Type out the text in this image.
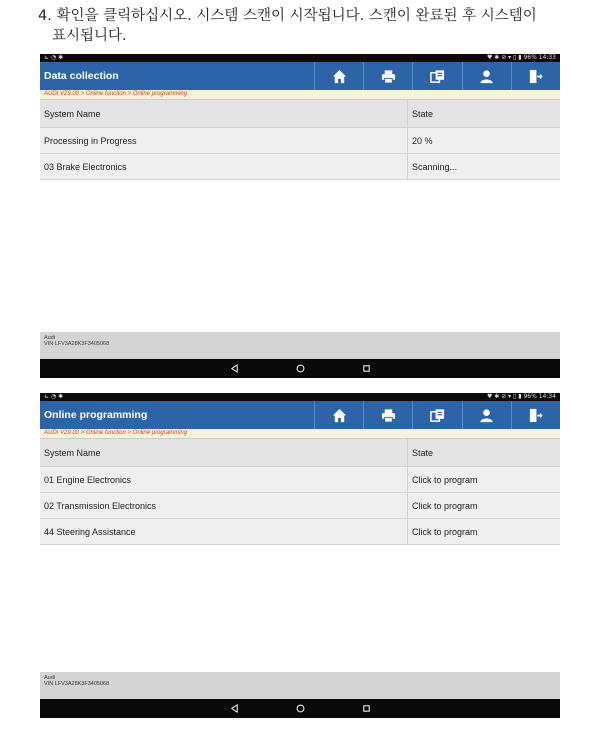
4. 확인을 클릭하십시오. 시스템 스캔이 시작됩니다. 스캔이 완료된 후 시스템이
표시됩니다.
⊾ ◔ ✱	♥ ✱ ⊘ ▾ ▯ ▮ 96% 14:33
Data collection
AUDI V29.00 > Online function > Online programming
System Name	State
Processing in Progress	20 %
03 Brake Electronics	Scanning...
Audi
VIN LFV3A28K3F3405068
⊾ ◔ ✱	♥ ✱ ⊘ ▾ ▯ ▮ 96% 14:34
Online programming
AUDI V29.00 > Online function > Online programming
System Name	State
01 Engine Electronics	Click to program
02 Transmission Electronics	Click to program
44 Steering Assistance	Click to program
Audi
VIN LFV3A28K3F3405068
